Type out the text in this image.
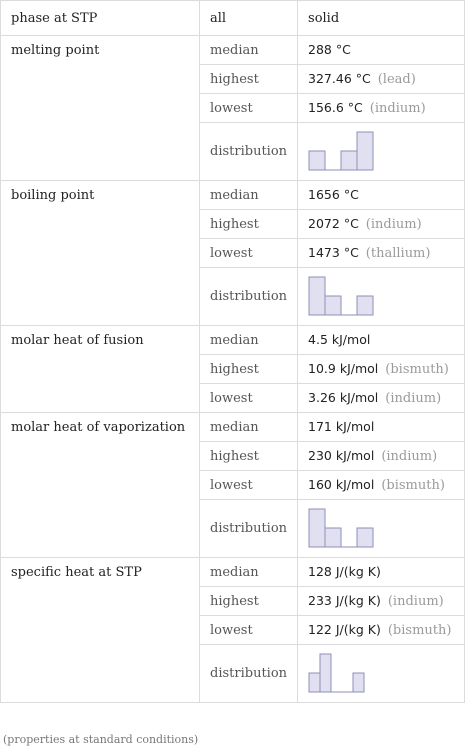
phase at STP	all	solid
melting point	median	288 °C
	highest	327.46 °C (lead)
	lowest	156.6 °C (indium)
	distribution	

boiling point	median	1656 °C
	highest	2072 °C (indium)
	lowest	1473 °C (thallium)
	distribution	

molar heat of fusion	median	4.5 kJ/mol
	highest	10.9 kJ/mol (bismuth)
	lowest	3.26 kJ/mol (indium)
molar heat of vaporization	median	171 kJ/mol
	highest	230 kJ/mol (indium)
	lowest	160 kJ/mol (bismuth)
	distribution	

specific heat at STP	median	128 J/(kg K)
	highest	233 J/(kg K) (indium)
	lowest	122 J/(kg K) (bismuth)
	distribution	
(properties at standard conditions)
